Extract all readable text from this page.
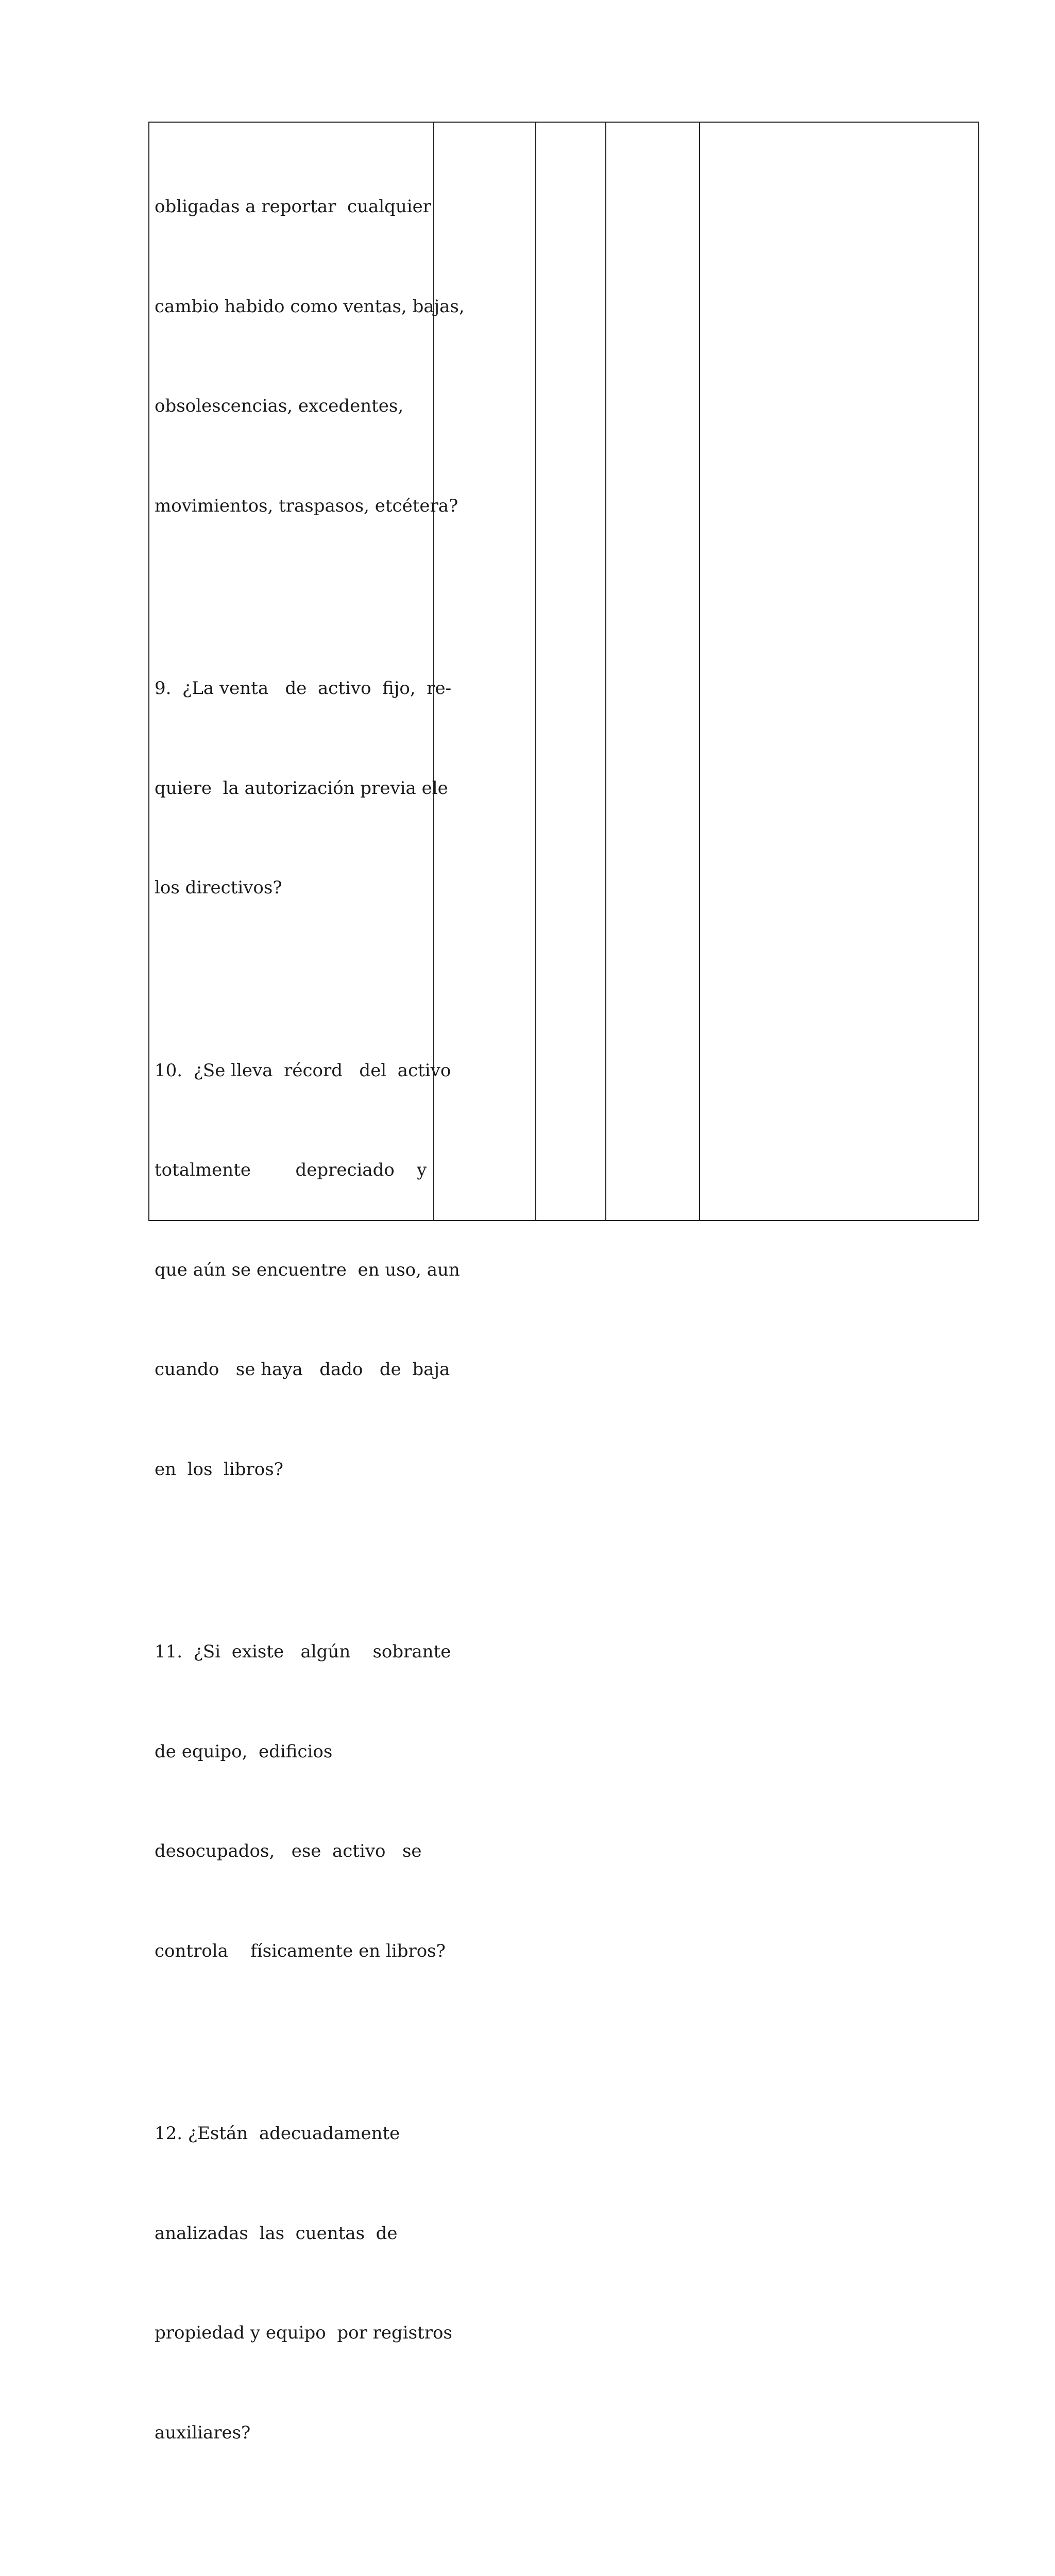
obligadas a reportar  cualquier

cambio habido como ventas, bajas,

obsolescencias, excedentes,

movimientos, traspasos, etcétera?

9.  ¿La venta   de  activo  fijo,  re-

quiere  la autorización previa ele

los directivos?

10.  ¿Se lleva  récord   del  activo

totalmente        depreciado    y

que aún se encuentre  en uso, aun

cuando   se haya   dado   de  baja

en  los  libros?

11.  ¿Si  existe   algún    sobrante

de equipo,  edificios

desocupados,   ese  activo   se

controla    físicamente en libros?

12. ¿Están  adecuadamente

analizadas  las  cuentas  de

propiedad y equipo  por registros

auxiliares?
